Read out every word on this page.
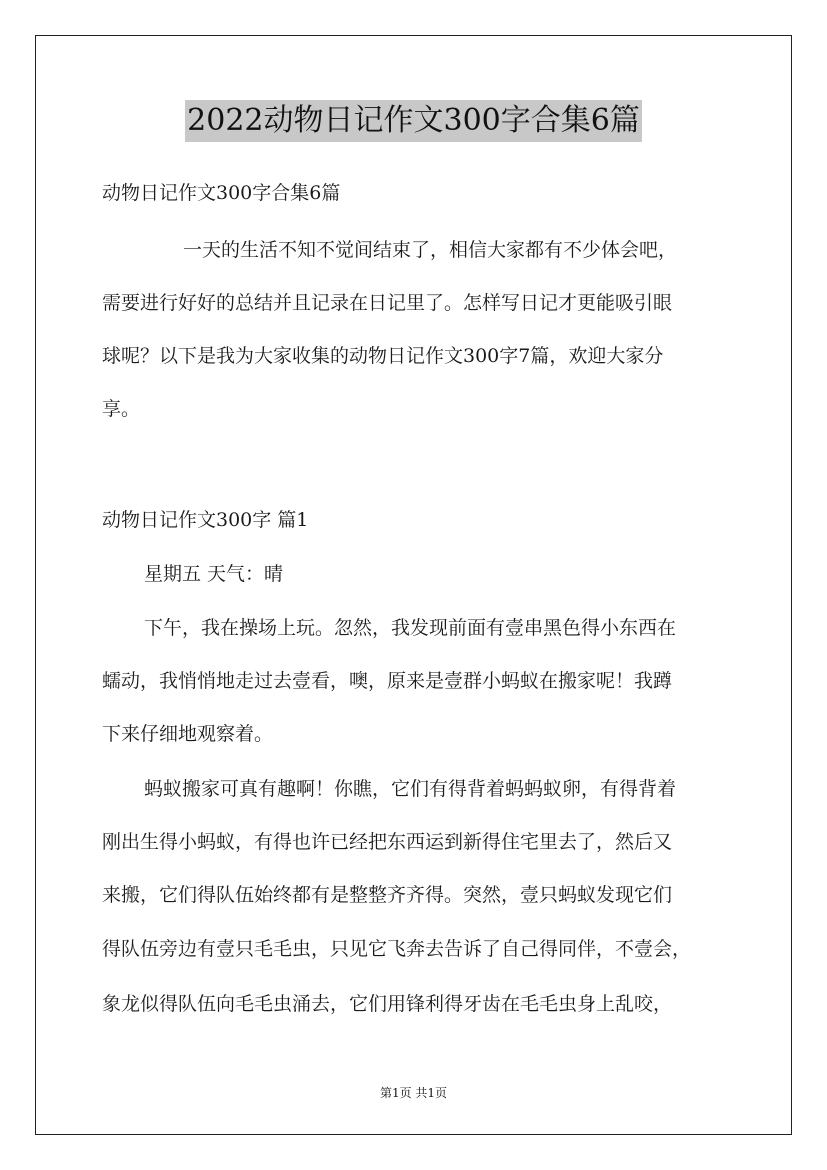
2022动物日记作文300字合集6篇
动物日记作文300字合集6篇
一天的生活不知不觉间结束了，相信大家都有不少体会吧，
需要进行好好的总结并且记录在日记里了。怎样写日记才更能吸引眼
球呢？以下是我为大家收集的动物日记作文300字7篇，欢迎大家分
享。
动物日记作文300字 篇1
星期五 天气：晴
下午，我在操场上玩。忽然，我发现前面有壹串黑色得小东西在
蠕动，我悄悄地走过去壹看，噢，原来是壹群小蚂蚁在搬家呢！我蹲
下来仔细地观察着。
蚂蚁搬家可真有趣啊！你瞧，它们有得背着蚂蚂蚁卵，有得背着
刚出生得小蚂蚁，有得也许已经把东西运到新得住宅里去了，然后又
来搬，它们得队伍始终都有是整整齐齐得。突然，壹只蚂蚁发现它们
得队伍旁边有壹只毛毛虫，只见它飞奔去告诉了自己得同伴，不壹会，
象龙似得队伍向毛毛虫涌去，它们用锋利得牙齿在毛毛虫身上乱咬，
第1页 共1页
